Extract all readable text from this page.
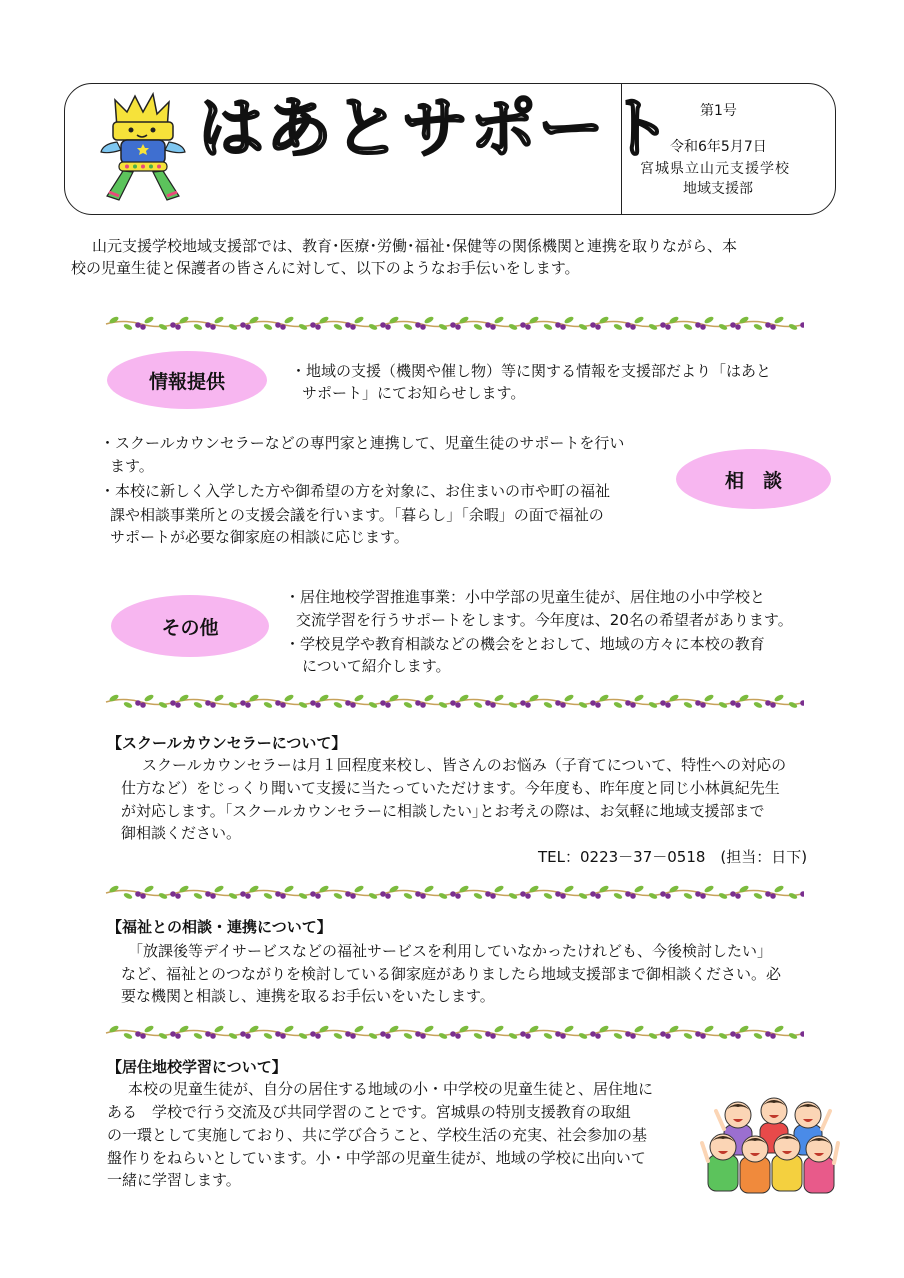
はあとサポート 第1号
令和6年5月7日
宮城県立山元支援学校
地域支援部
山元支援学校地域支援部では、教育･医療･労働･福祉･保健等の関係機関と連携を取りながら、本
校の児童生徒と保護者の皆さんに対して、以下のようなお手伝いをします。
情報提供	・地域の支援（機関や催し物）等に関する情報を支援部だより「はあと
サポート」にてお知らせします。
・スクールカウンセラーなどの専門家と連携して、児童生徒のサポートを行い
ます。
・本校に新しく入学した方や御希望の方を対象に、お住まいの市や町の福祉
課や相談事業所との支援会議を行います。｢暮らし｣「余暇」の面で福祉の
サポートが必要な御家庭の相談に応じます。
相　談
その他
・居住地校学習推進事業：小中学部の児童生徒が、居住地の小中学校と
交流学習を行うサポートをします。今年度は、20名の希望者があります。
・学校見学や教育相談などの機会をとおして、地域の方々に本校の教育
について紹介します。
【スクールカウンセラーについて】
スクールカウンセラーは月１回程度来校し、皆さんのお悩み（子育てについて、特性への対応の
仕方など）をじっくり聞いて支援に当たっていただけます。今年度も、昨年度と同じ小林眞紀先生
が対応します。｢スクールカウンセラーに相談したい｣とお考えの際は、お気軽に地域支援部まで
御相談ください。
TEL：0223－37－0518　(担当：日下)
【福祉との相談・連携について】
「放課後等デイサービスなどの福祉サービスを利用していなかったけれども、今後検討したい」
など、福祉とのつながりを検討している御家庭がありましたら地域支援部まで御相談ください。必
要な機関と相談し、連携を取るお手伝いをいたします。
【居住地校学習について】
本校の児童生徒が、自分の居住する地域の小・中学校の児童生徒と、居住地に
ある　学校で行う交流及び共同学習のことです。宮城県の特別支援教育の取組
の一環として実施しており、共に学び合うこと、学校生活の充実、社会参加の基
盤作りをねらいとしています。小・中学部の児童生徒が、地域の学校に出向いて
一緒に学習します。
